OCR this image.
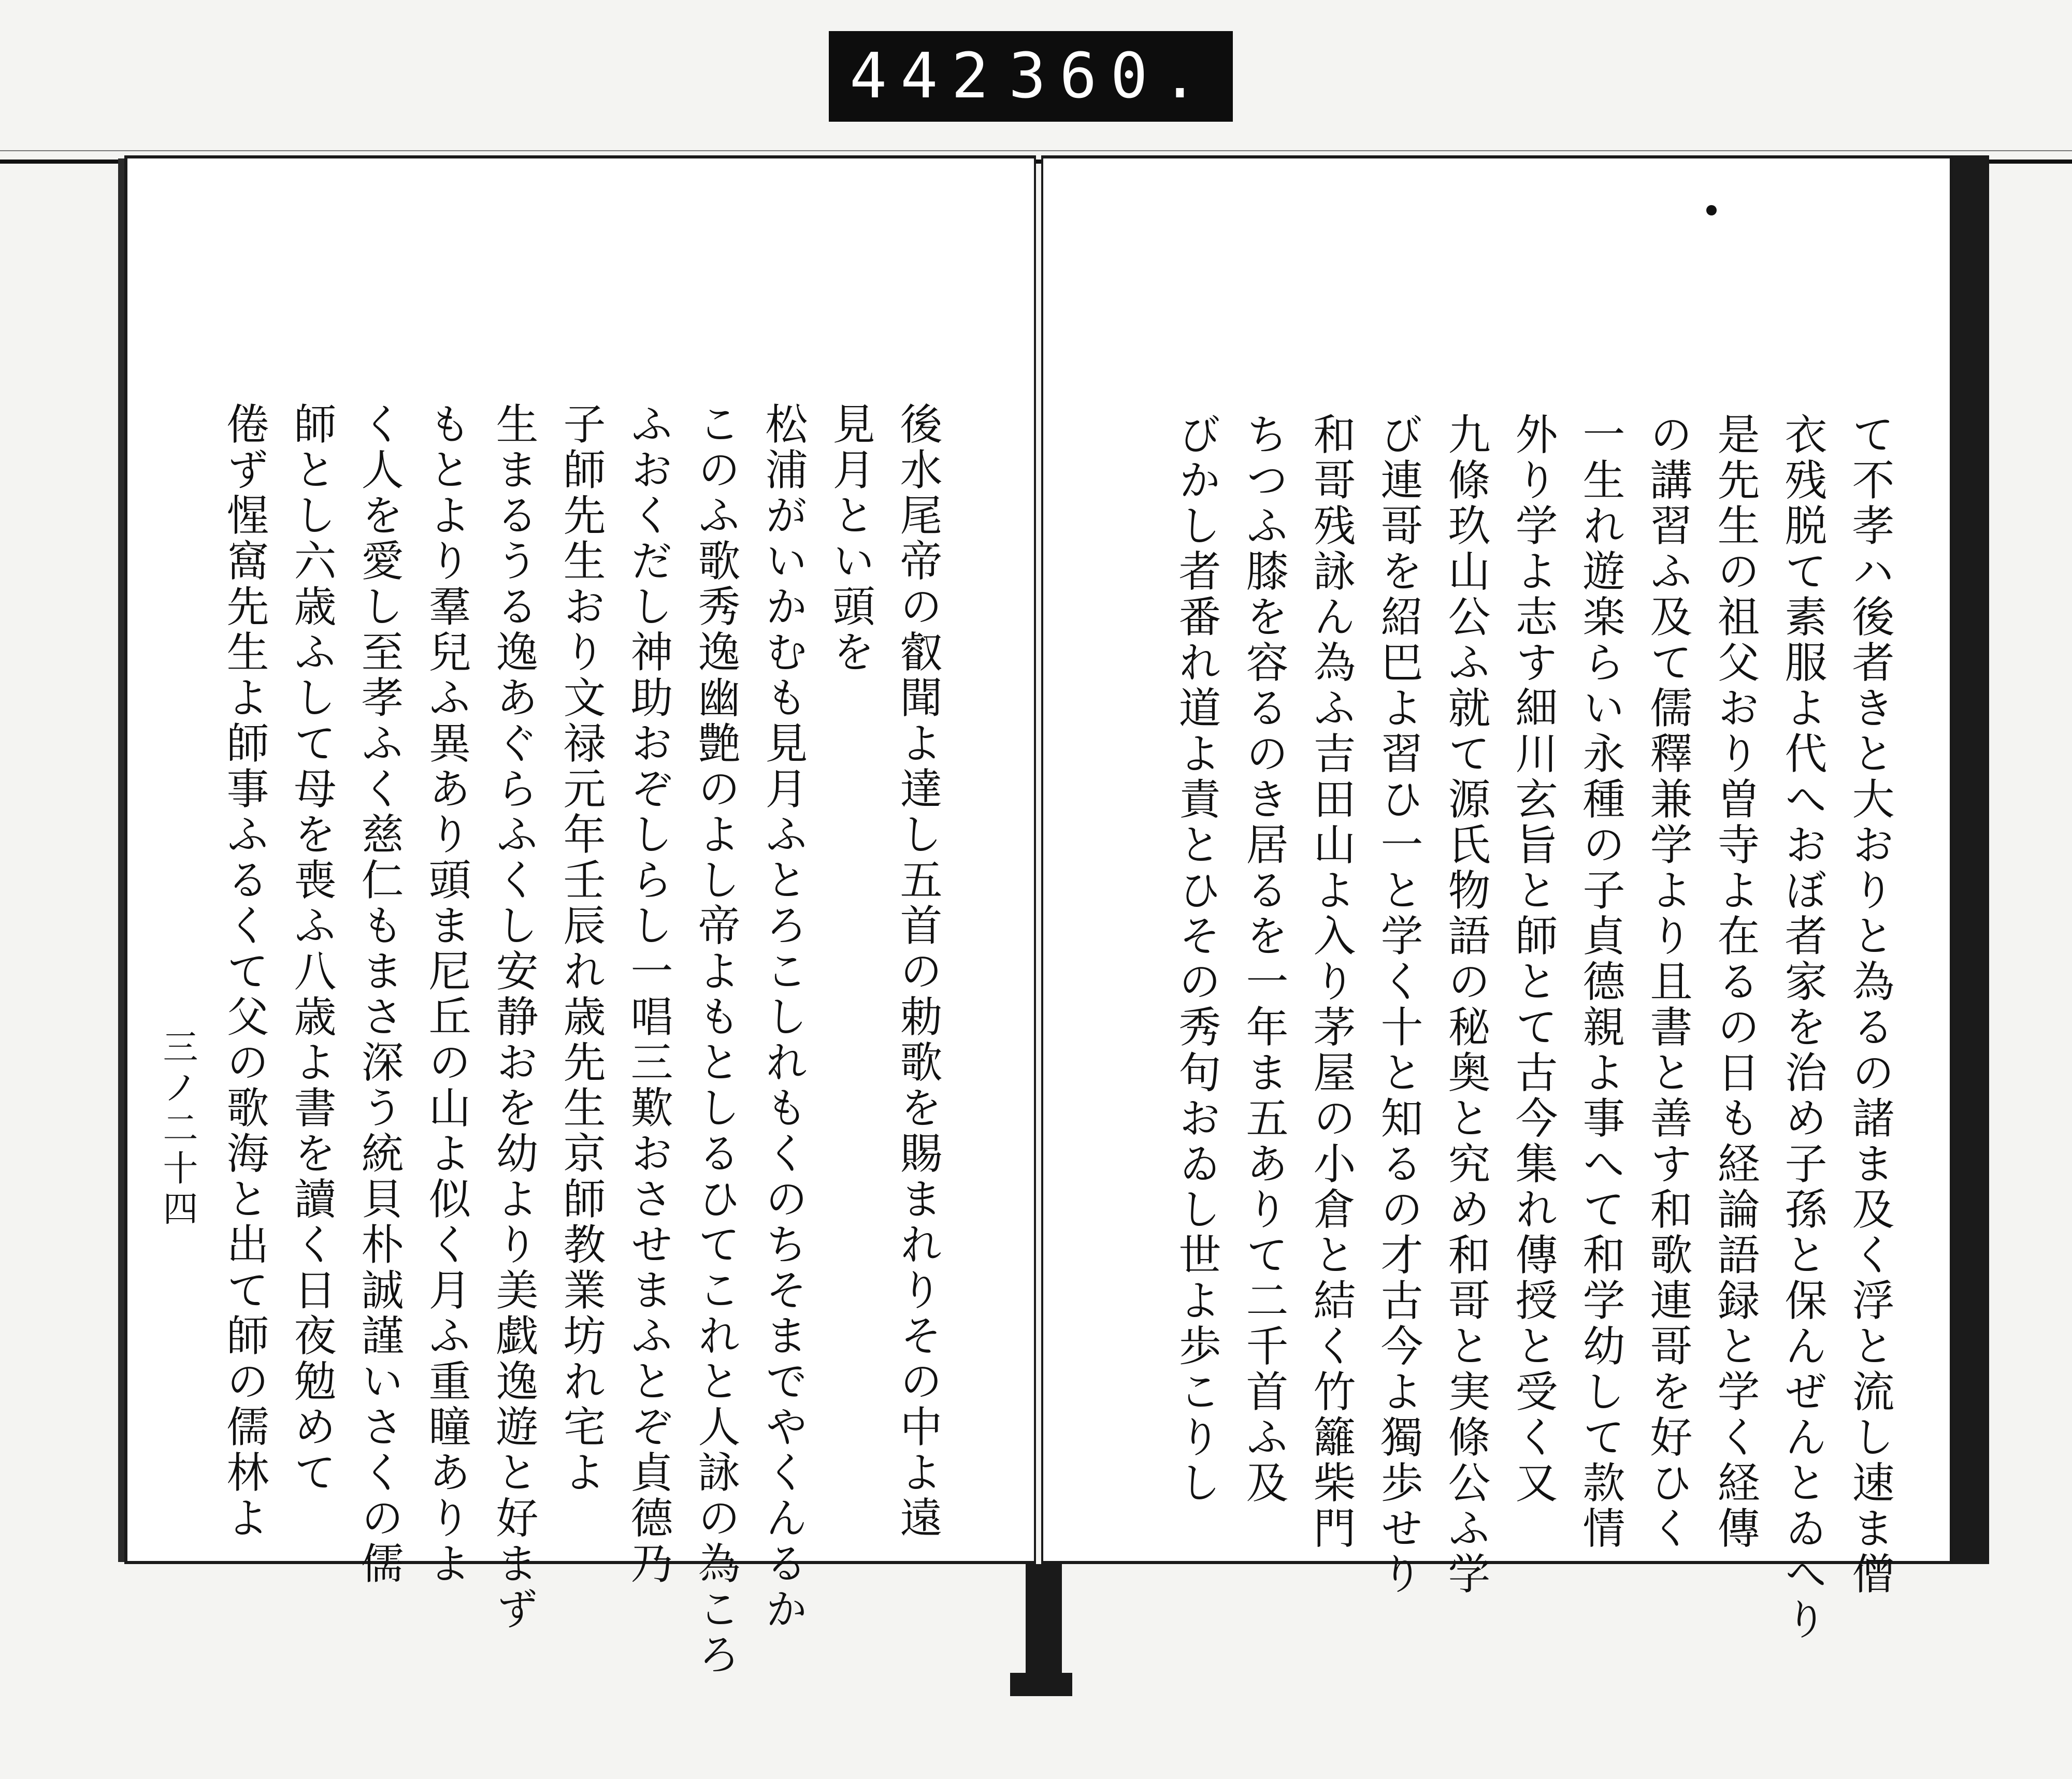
442 360.
後水尾帝の叡聞よ達し五首の勅歌を賜まれりその中よ遠
見月とい頭を
松浦がいかむも見月ふとろこしれもくのちそまでやくんるか
このふ歌秀逸幽艶のよし帝よもとしるひてこれと人詠の為ころ
ふおくだし神助おぞしらし一唱三歎おさせまふとぞ貞德乃
子師先生おり文禄元年壬辰れ歳先生京師教業坊れ宅よ
生まるうる逸あぐらふくし安静おを幼より美戯逸遊と好まず
もとより羣兒ふ異あり頭ま尼丘の山よ似く月ふ重瞳ありよ
く人を愛し至孝ふく慈仁もまさ深う統貝朴誠謹いさくの儒
師とし六歳ふして母を喪ふ八歳よ書を讀く日夜勉めて
倦ず惺窩先生よ師事ふるくて父の歌海と出て師の儒林よ
三ノ二十四	て不孝ハ後者きと大おりと為るの諸ま及く浮と流し速ま僧
衣残脱て素服よ代へおぼ者家を治め子孫と保んぜんとゐへり
是先生の祖父おり曽寺よ在るの日も経論語録と学く経傳
の講習ふ及て儒釋兼学より且書と善す和歌連哥を好ひく
一生れ遊楽らい永種の子貞德親よ事へて和学幼して款情
外り学よ志す細川玄旨と師とて古今集れ傳授と受く又
九條玖山公ふ就て源氏物語の秘奥と究め和哥と実條公ふ学
び連哥を紹巴よ習ひ一と学く十と知るの才古今よ獨歩せり
和哥残詠ん為ふ吉田山よ入り茅屋の小倉と結く竹籬柴門
ちつふ膝を容るのき居るを一年ま五ありて二千首ふ及
びかし者番れ道よ責とひその秀句おゐし世よ歩こりし
